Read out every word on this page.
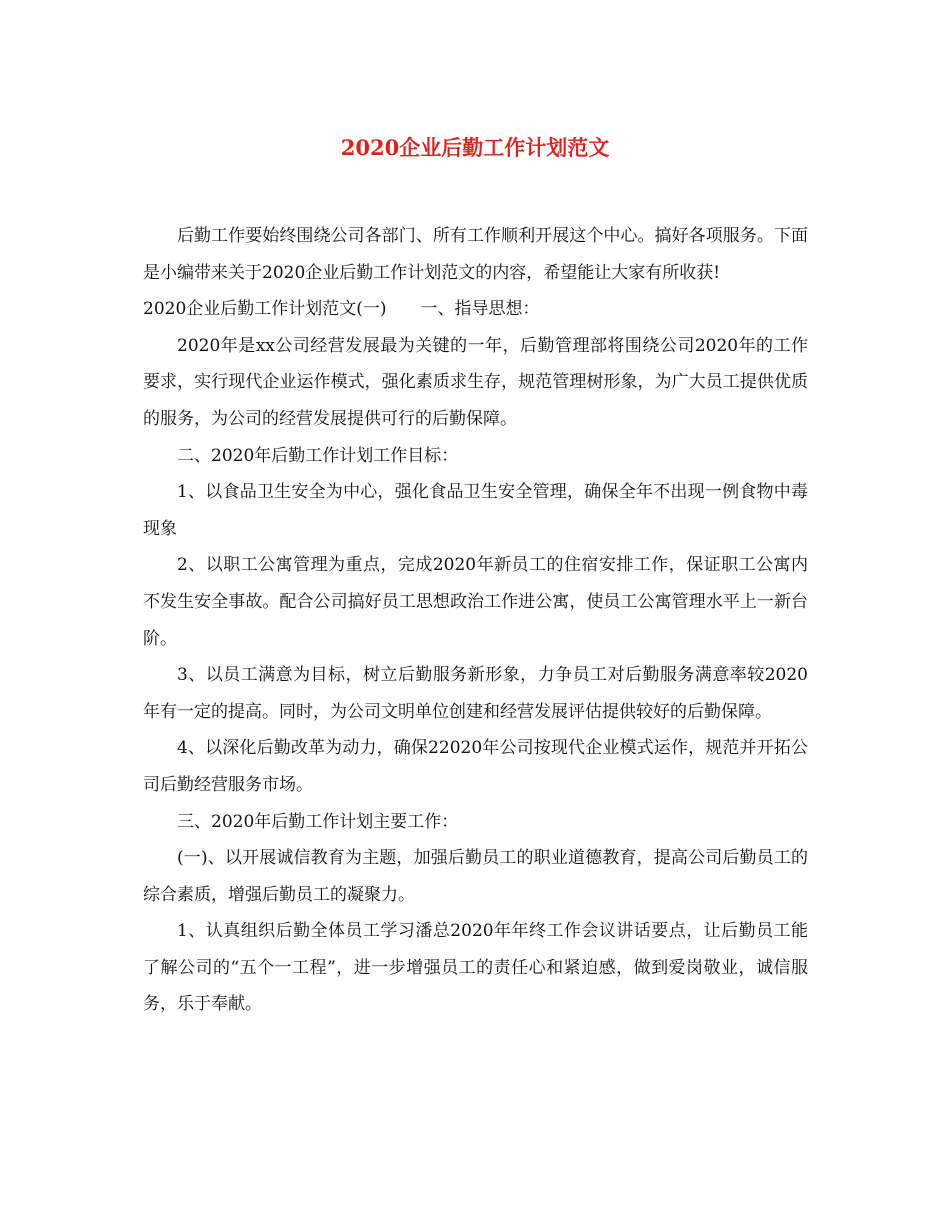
2020企业后勤工作计划范文

后勤工作要始终围绕公司各部门、所有工作顺利开展这个中心。搞好各项服务。下面是小编带来关于2020企业后勤工作计划范文的内容，希望能让大家有所收获!

2020企业后勤工作计划范文(一) 一、指导思想：

2020年是xx公司经营发展最为关键的一年，后勤管理部将围绕公司2020年的工作要求，实行现代企业运作模式，强化素质求生存，规范管理树形象，为广大员工提供优质的服务，为公司的经营发展提供可行的后勤保障。

二、2020年后勤工作计划工作目标：

1、以食品卫生安全为中心，强化食品卫生安全管理，确保全年不出现一例食物中毒现象

2、以职工公寓管理为重点，完成2020年新员工的住宿安排工作，保证职工公寓内不发生安全事故。配合公司搞好员工思想政治工作进公寓，使员工公寓管理水平上一新台阶。

3、以员工满意为目标，树立后勤服务新形象，力争员工对后勤服务满意率较2020年有一定的提高。同时，为公司文明单位创建和经营发展评估提供较好的后勤保障。

4、以深化后勤改革为动力，确保22020年公司按现代企业模式运作，规范并开拓公司后勤经营服务市场。

三、2020年后勤工作计划主要工作：

(一)、以开展诚信教育为主题，加强后勤员工的职业道德教育，提高公司后勤员工的综合素质，增强后勤员工的凝聚力。

1、认真组织后勤全体员工学习潘总2020年年终工作会议讲话要点，让后勤员工能了解公司的“五个一工程”，进一步增强员工的责任心和紧迫感，做到爱岗敬业，诚信服务，乐于奉献。
